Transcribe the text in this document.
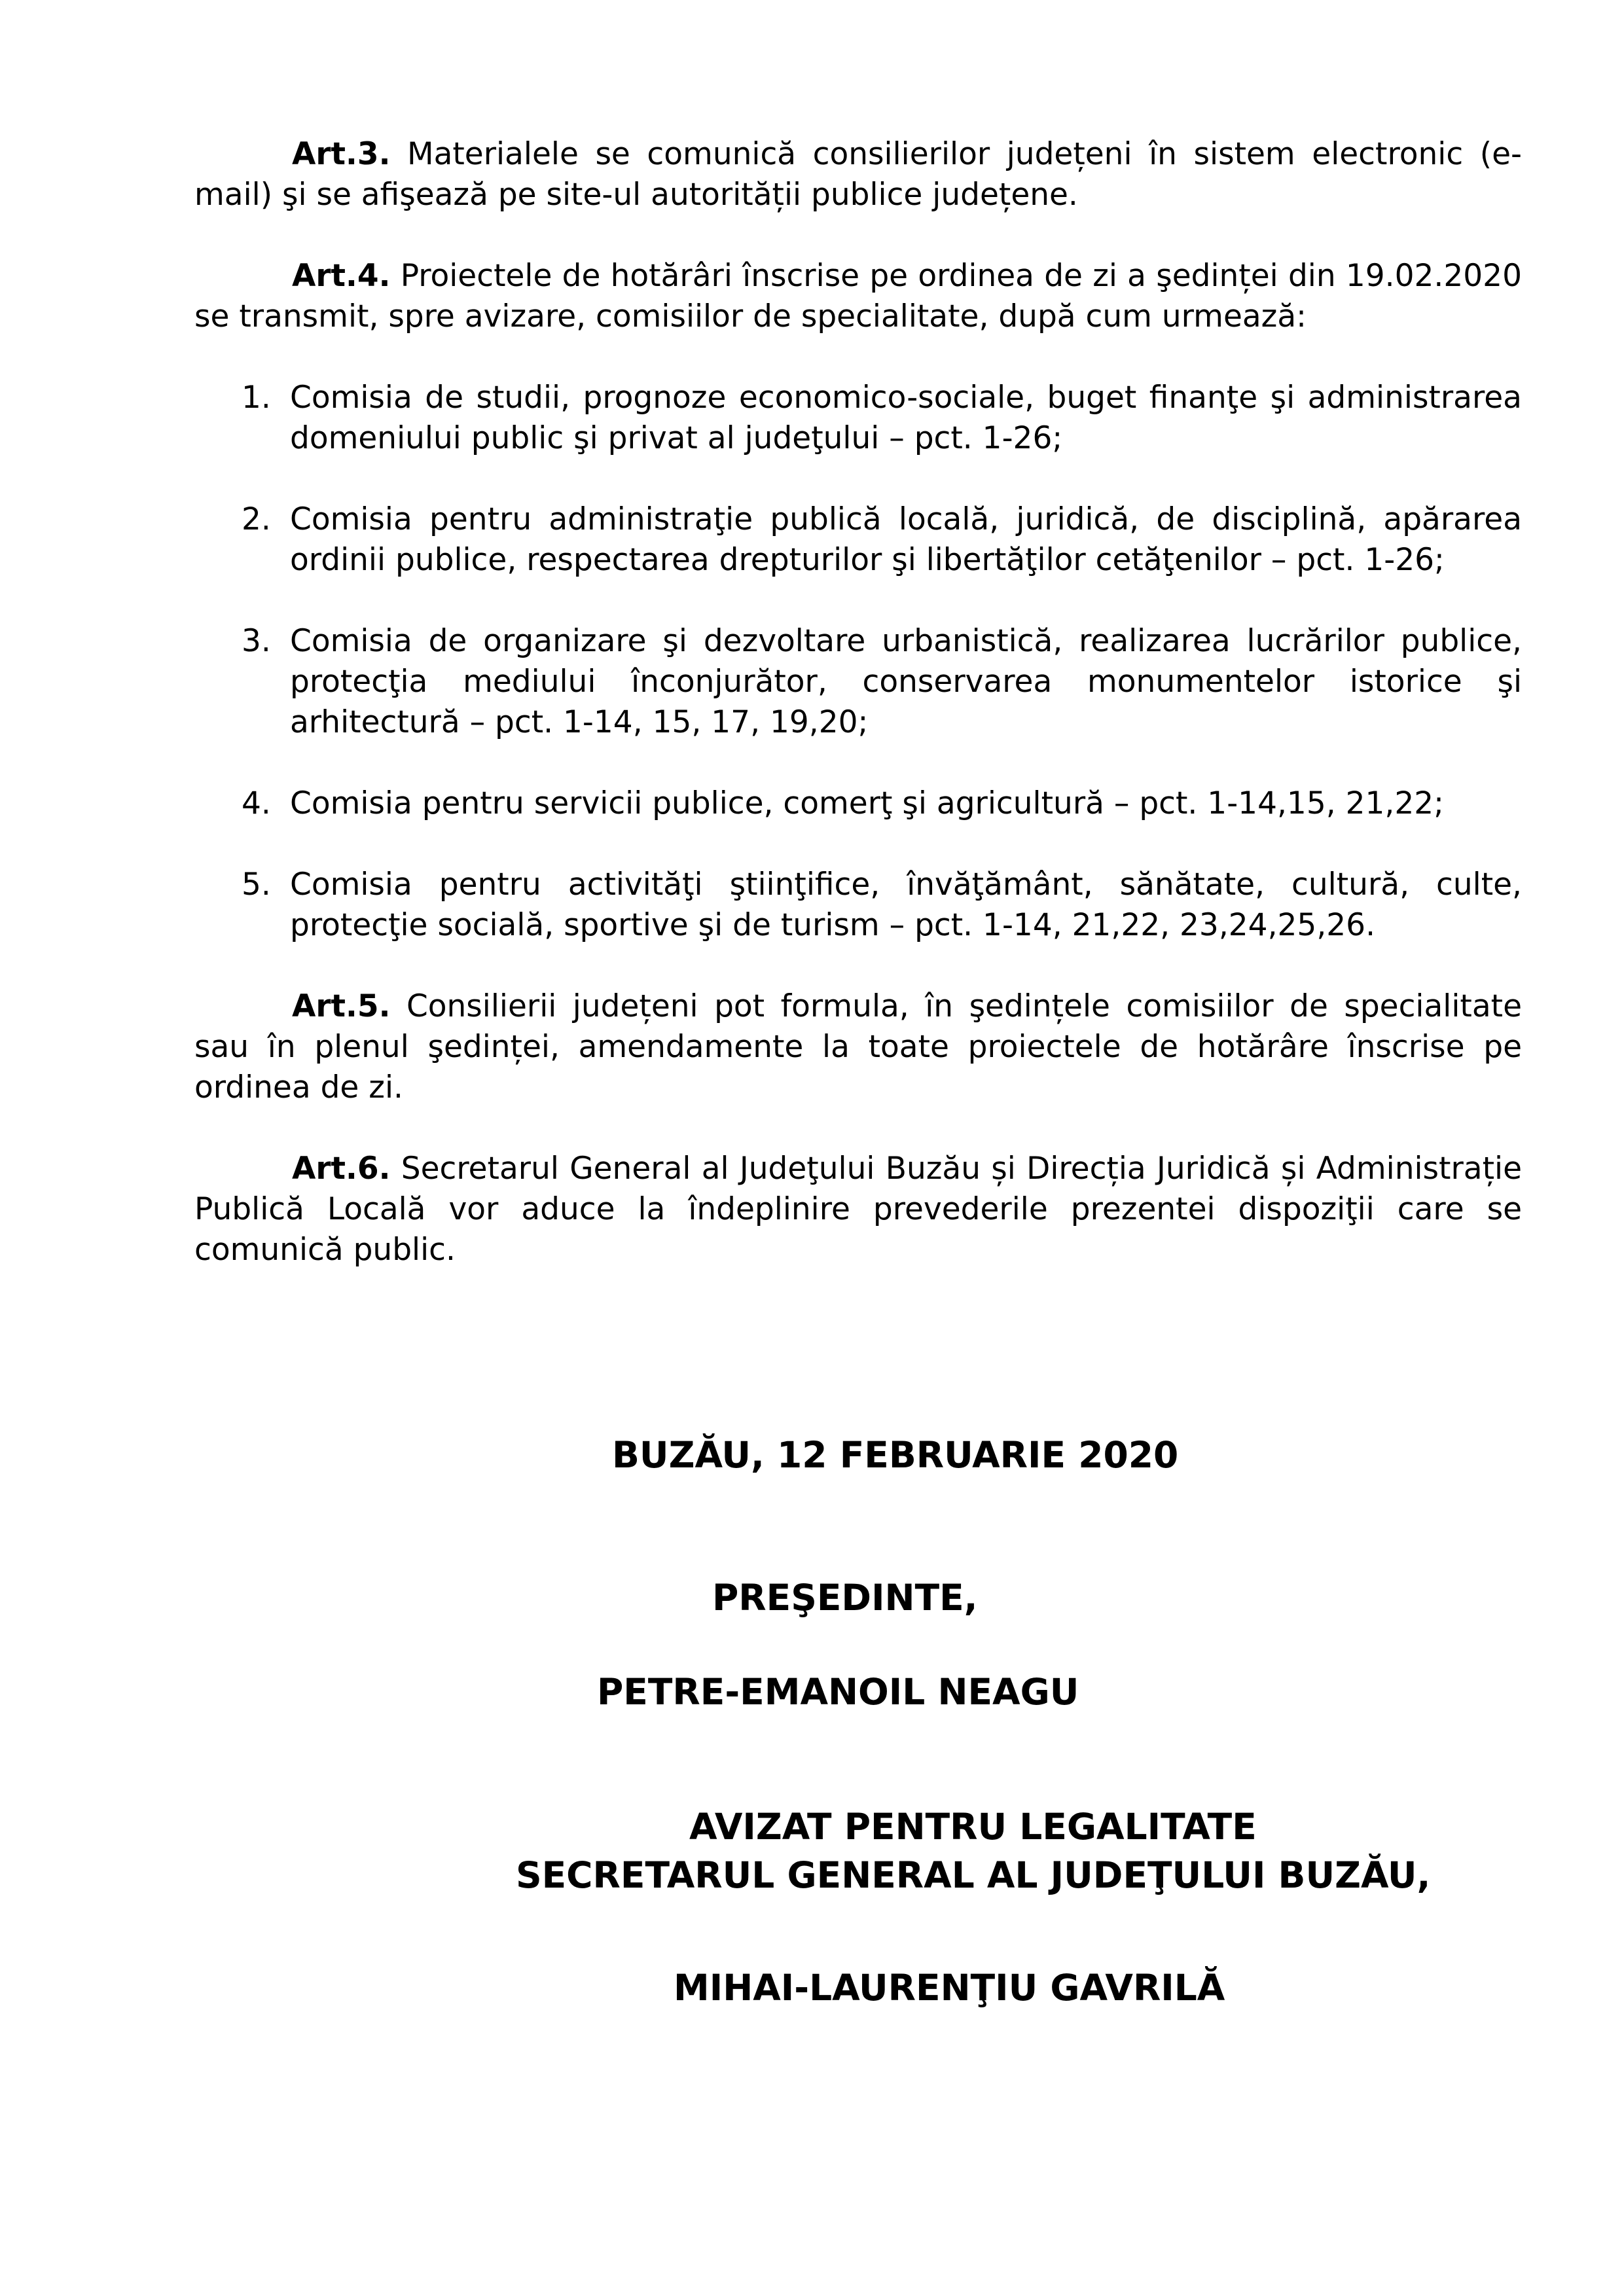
Art.3. Materialele se comunică consilierilor județeni în sistem electronic (e-mail) şi se afişează pe site-ul autorității publice județene.

Art.4. Proiectele de hotărâri înscrise pe ordinea de zi a şedinței din 19.02.2020 se transmit, spre avizare, comisiilor de specialitate, după cum urmează:

1. Comisia de studii, prognoze economico-sociale, buget finanţe şi administrarea domeniului public şi privat al judeţului – pct. 1-26;
2. Comisia pentru administraţie publică locală, juridică, de disciplină, apărarea ordinii publice, respectarea drepturilor şi libertăţilor cetăţenilor – pct. 1-26;
3. Comisia de organizare şi dezvoltare urbanistică, realizarea lucrărilor publice, protecţia mediului înconjurător, conservarea monumentelor istorice şi arhitectură – pct. 1-14, 15, 17, 19,20;
4. Comisia pentru servicii publice, comerţ şi agricultură – pct. 1-14,15, 21,22;
5. Comisia pentru activităţi ştiinţifice, învăţământ, sănătate, cultură, culte, protecţie socială, sportive şi de turism – pct. 1-14, 21,22, 23,24,25,26.

Art.5. Consilierii județeni pot formula, în şedințele comisiilor de specialitate sau în plenul şedinței, amendamente la toate proiectele de hotărâre înscrise pe ordinea de zi.

Art.6. Secretarul General al Judeţului Buzău și Direcția Juridică și Administrație Publică Locală vor aduce la îndeplinire prevederile prezentei dispoziţii care se comunică public.

BUZĂU, 12 FEBRUARIE 2020
PREŞEDINTE,
PETRE-EMANOIL NEAGU
AVIZAT PENTRU LEGALITATE
SECRETARUL GENERAL AL JUDEŢULUI BUZĂU,
MIHAI-LAURENŢIU GAVRILĂ
